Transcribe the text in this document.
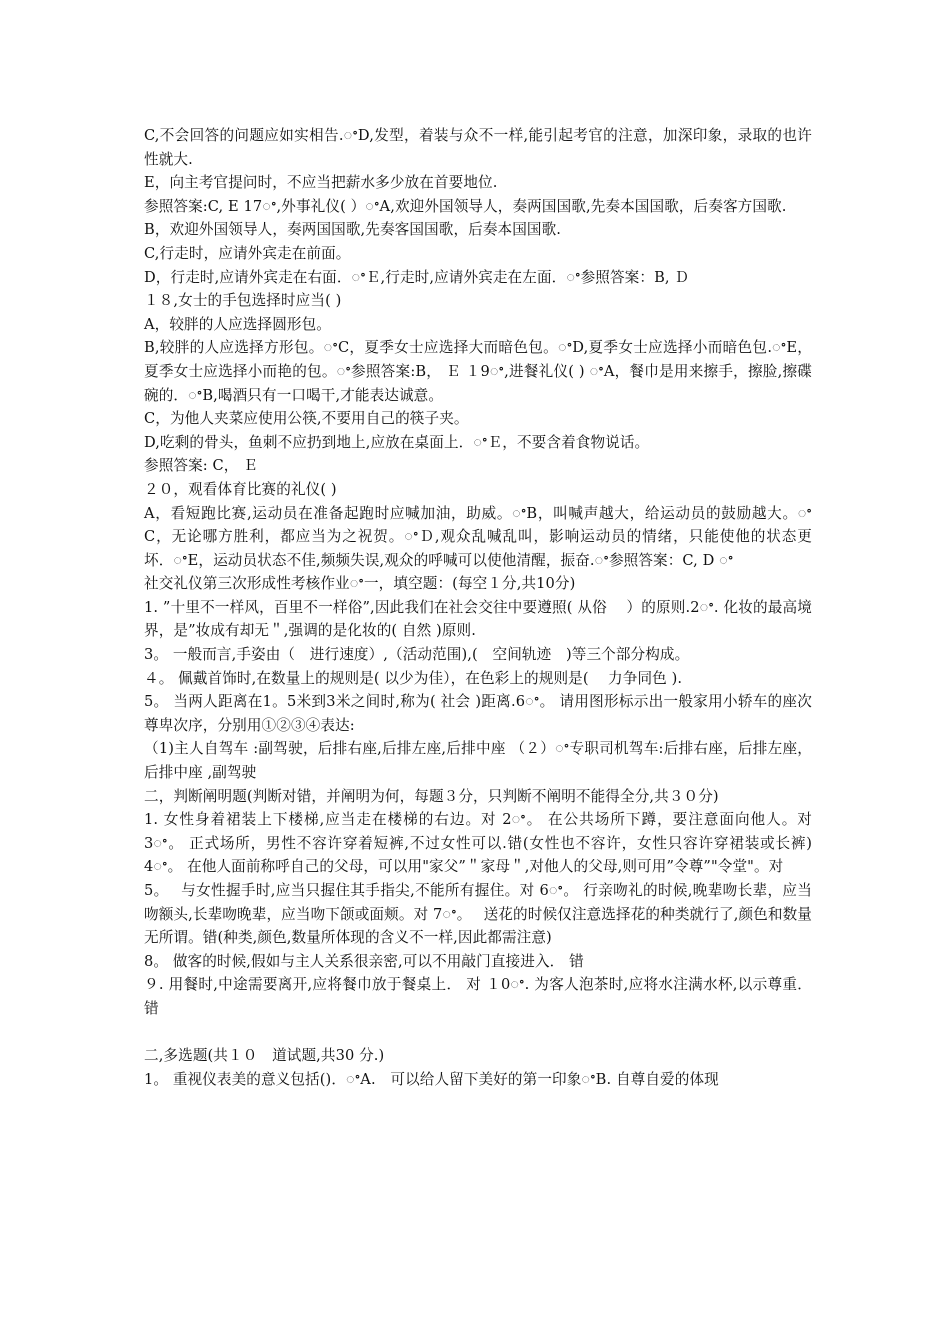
C,不会回答的问题应如实相告.ꢀD,发型，着装与众不一样,能引起考官的注意，加深印象，录取的也许性就大.

E，向主考官提问时，不应当把薪水多少放在首要地位.

参照答案:C, E 17ꢀ,外事礼仪( ）ꢀA,欢迎外国领导人，奏两国国歌,先奏本国国歌，后奏客方国歌.

B，欢迎外国领导人，奏两国国歌,先奏客国国歌，后奏本国国歌.

C,行走时，应请外宾走在前面。

D，行走时,应请外宾走在右面．ꢀＥ,行走时,应请外宾走在左面．ꢀ参照答案：B, Ｄ

１８,女士的手包选择时应当( )

A，较胖的人应选择圆形包。

B,较胖的人应选择方形包。ꢀC，夏季女士应选择大而暗色包。ꢀD,夏季女士应选择小而暗色包.ꢀE，夏季女士应选择小而艳的包。ꢀ参照答案:B， Ｅ １9ꢀ,进餐礼仪( ) ꢀA，餐巾是用来擦手，擦脸,擦碟碗的．ꢀB,喝酒只有一口喝干,才能表达诚意。

C，为他人夹菜应使用公筷,不要用自己的筷子夹。

D,吃剩的骨头，鱼刺不应扔到地上,应放在桌面上．ꢀＥ，不要含着食物说话。

参照答案: C， Ｅ

２０，观看体育比赛的礼仪( )

A，看短跑比赛,运动员在准备起跑时应喊加油，助威。ꢀB，叫喊声越大，给运动员的鼓励越大。ꢀC，无论哪方胜利，都应当为之祝贺。ꢀＤ,观众乱喊乱叫，影响运动员的情绪，只能使他的状态更坏．ꢀE，运动员状态不佳,频频失误,观众的呼喊可以使他清醒，振奋.ꢀ参照答案：C, D ꢀ

社交礼仪第三次形成性考核作业ꢀ一，填空题：(每空１分,共10分)

1. ”十里不一样风，百里不一样俗”,因此我们在社会交往中要遵照( 从俗　 ）的原则.2ꢀ. 化妆的最高境界，是”妆成有却无＂,强调的是化妆的( 自然 )原则.

3。 一般而言,手姿由（　进行速度）,（活动范围),(　空间轨迹　)等三个部分构成。

４。 佩戴首饰时,在数量上的规则是( 以少为佳），在色彩上的规则是(　 力争同色 ).

5。 当两人距离在1。5米到3米之间时,称为( 社会 )距离.6ꢀ。 请用图形标示出一般家用小轿车的座次尊卑次序，分别用①②③④表达:

（1)主人自驾车 :副驾驶，后排右座,后排左座,后排中座 （２）ꢀ专职司机驾车:后排右座，后排左座，后排中座 ,副驾驶

二，判断阐明题(判断对错，并阐明为何，每题３分，只判断不阐明不能得全分,共３０分)

1. 女性身着裙装上下楼梯,应当走在楼梯的右边。对 2ꢀ。 在公共场所下蹲，要注意面向他人。对 3ꢀ。 正式场所，男性不容许穿着短裤,不过女性可以.错(女性也不容许，女性只容许穿裙装或长裤)4ꢀ。 在他人面前称呼自己的父母，可以用"家父”＂家母＂,对他人的父母,则可用”令尊”"令堂"。对

5。　 与女性握手时,应当只握住其手指尖,不能所有握住。对 6ꢀ。 行亲吻礼的时候,晚辈吻长辈，应当吻额头,长辈吻晚辈，应当吻下颌或面颊。对 7ꢀ。　 送花的时候仅注意选择花的种类就行了,颜色和数量无所谓。错(种类,颜色,数量所体现的含义不一样,因此都需注意)

8。 做客的时候,假如与主人关系很亲密,可以不用敲门直接进入． 错

９. 用餐时,中途需要离开,应将餐巾放于餐桌上． 对 １0ꢀ. 为客人泡茶时,应将水注满水杯,以示尊重． 错

二,多选题(共１０　道试题,共30 分.)

1。 重视仪表美的意义包括()．ꢀA.　可以给人留下美好的第一印象ꢀB. 自尊自爱的体现
